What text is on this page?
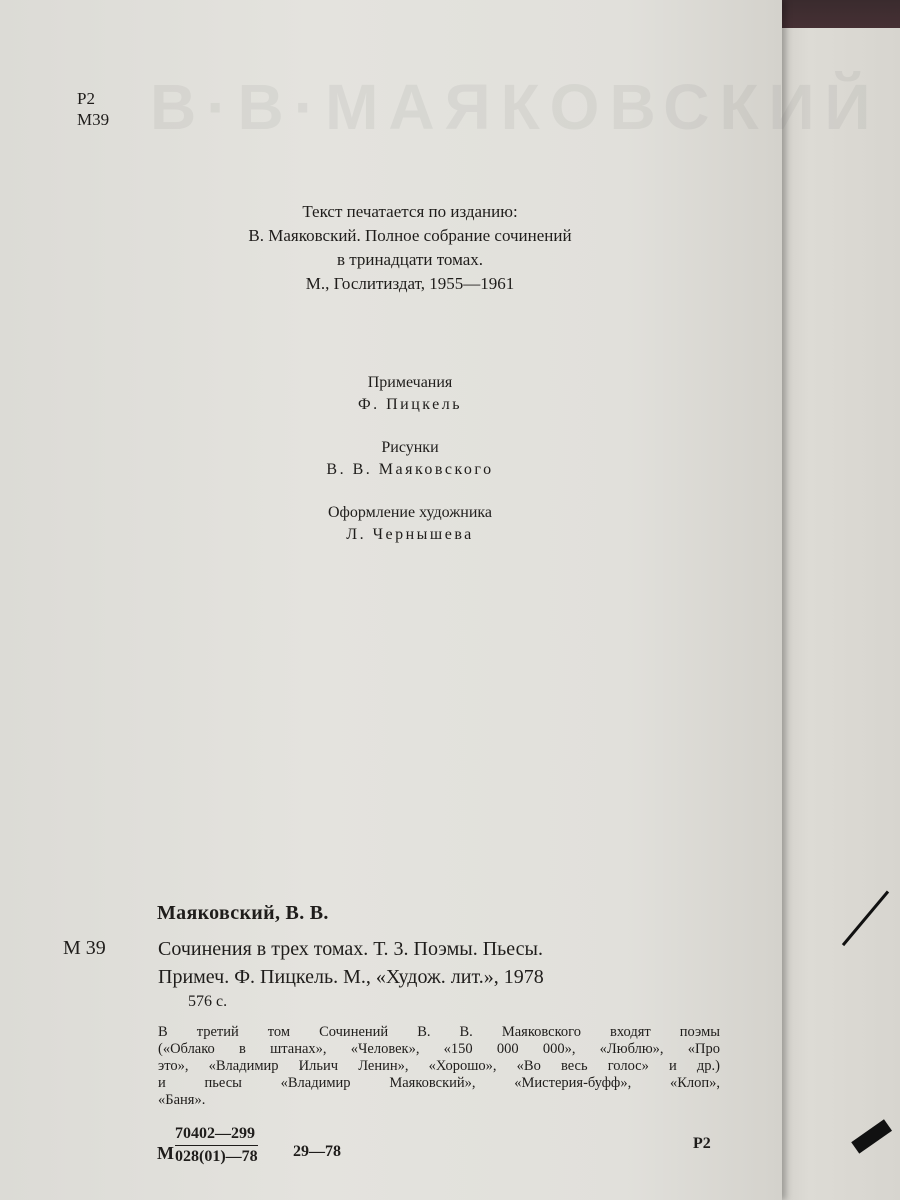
В·В·МАЯКОВСКИЙ
Р2
М39
Текст печатается по изданию:
В. Маяковский. Полное собрание сочинений
в тринадцати томах.
М., Гослитиздат, 1955—1961
Примечания
Ф. Пицкель
Рисунки
В. В. Маяковского
Оформление художника
Л. Чернышева
Маяковский, В. В.
М 39	Сочинения в трех томах. Т. 3. Поэмы. Пьесы.
Примеч. Ф. Пицкель. М., «Худож. лит.», 1978
576 с.
В третий том Сочинений В. В. Маяковского входят поэмы
(«Облако в штанах», «Человек», «150 000 000», «Люблю», «Про
это», «Владимир Ильич Ленин», «Хорошо», «Во весь голос» и др.)
и пьесы «Владимир Маяковский», «Мистерия-буфф», «Клоп»,
«Баня».
М $\frac{70402—299}{028(01)—78}$ 29—78	Р2
